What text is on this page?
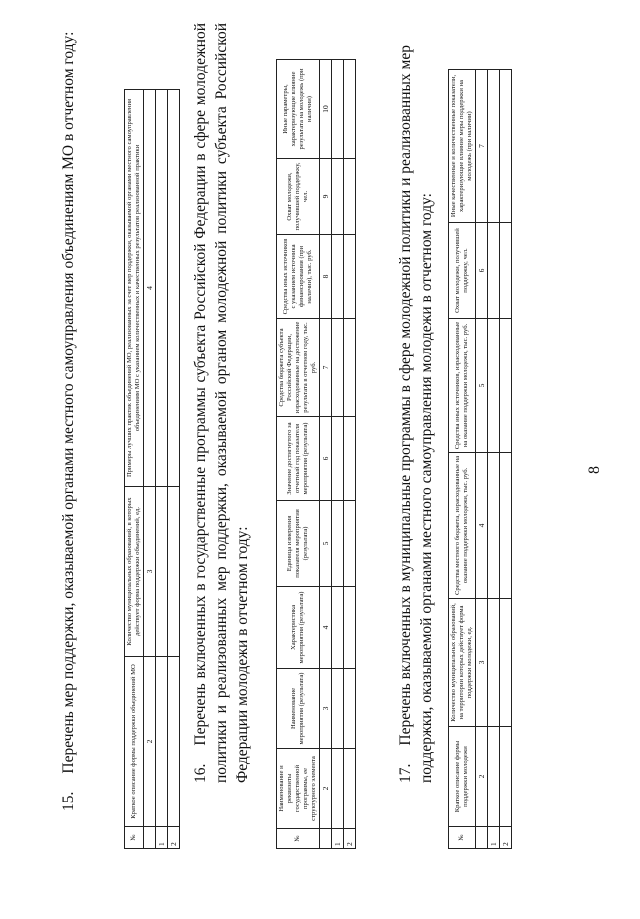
8

15.Перечень мер поддержки, оказываемой органами местного самоуправления объединениям МО в отчетном году:

№	Краткое описание формы поддержки объединений МО	Количество муниципальных образований, в которых действует форма поддержки объединений, ед.	Примеры лучших практик объединений МО, реализованных за счет мер поддержки, оказываемой органами местного самоуправления объединениям МО с указанием количественных и качественных результатов реализованной практики
	2	3	4
1			
2			

16.Перечень включенных в государственные программы субъекта Российской Федерации в сфере молодежной политики и реализованных мер поддержки, оказываемой органом молодежной политики субъекта Российской Федерации молодежи в отчетном году:

№	Наименование и реквизиты государственной программы, ее структурного элемента	Наименование мероприятия (результата)	Характеристика мероприятия (результата)	Единица измерения показателя мероприятия (результата)	Значение достигнутого за отчетный год показателя мероприятия (результата)	Средства бюджета субъекта Российской Федерации, израсходованные на достижение результата в отчетном году, тыс. руб.	Средства иных источников с указанием источника финансирования (при наличии), тыс. руб.	Охват молодежи, получившей поддержку, чел.	Иные параметры, характеризующие влияние результата на молодежь (при наличии)
	2	3	4	5	6	7	8	9	10
1									
2									

17.Перечень включенных в муниципальные программы в сфере молодежной политики и реализованных мер поддержки, оказываемой органами местного самоуправления молодежи в отчетном году:

№	Краткое описание формы поддержки молодежи	Количество муниципальных образований, на территории которых действует форма поддержки молодежи, ед.	Средства местного бюджета, израсходованные на оказание поддержки молодежи, тыс. руб.	Средства иных источников, израсходованные на оказание поддержки молодежи, тыс. руб.	Охват молодежи, получившей поддержку, чел.	Иные качественные и количественные показатели, характеризующие влияние меры поддержки на молодежь (при наличии)
	2	3	4	5	6	7
1						
2						
